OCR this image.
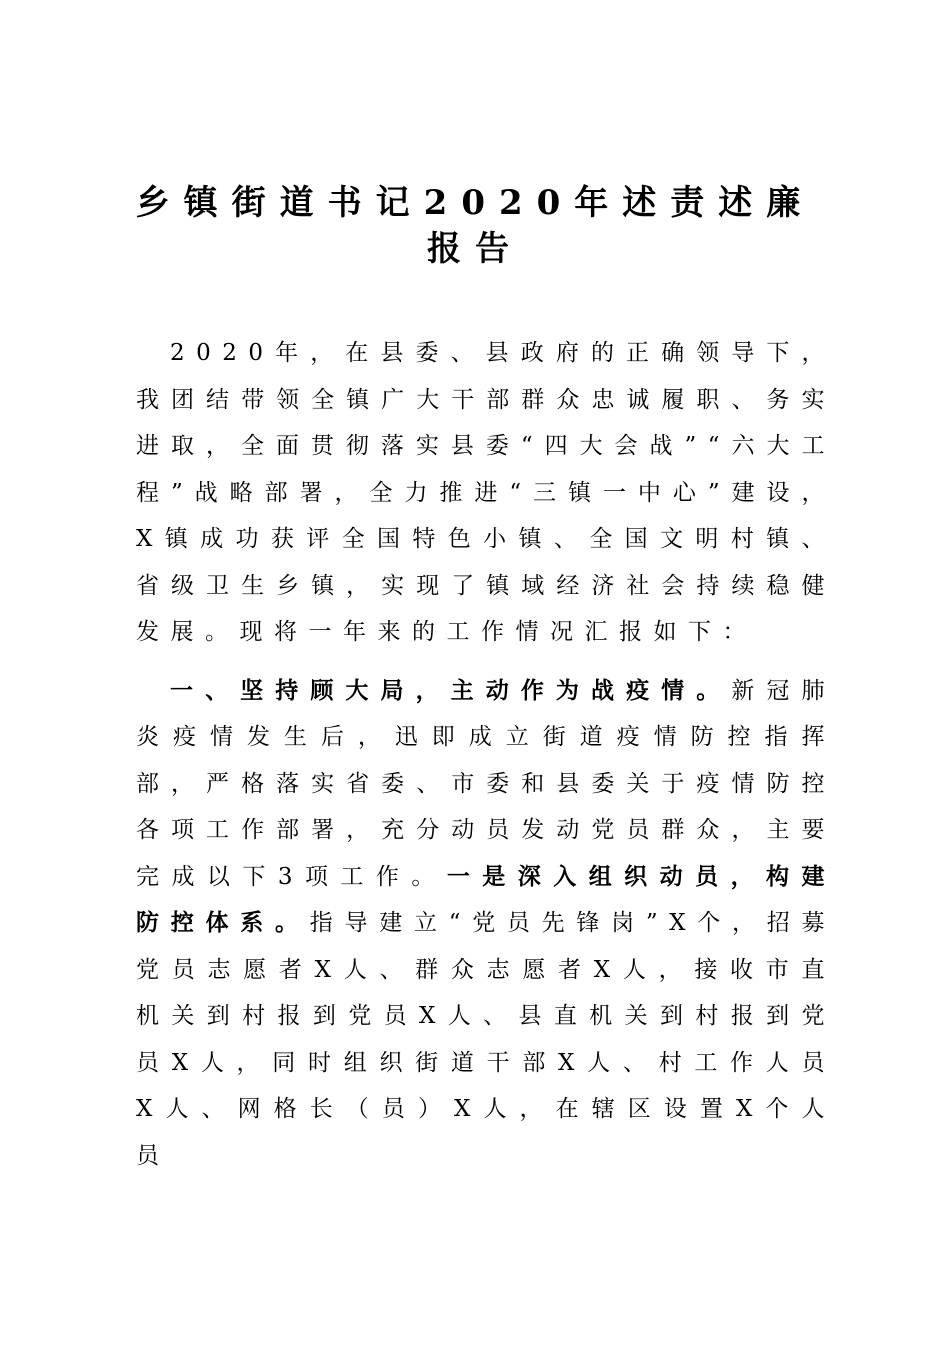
乡镇街道书记2020年述责述廉
报告

2020年，在县委、县政府的正确领导下，我团结带领全镇广大干部群众忠诚履职、务实进取，全面贯彻落实县委“四大会战”“六大工程”战略部署，全力推进“三镇一中心”建设，X镇成功获评全国特色小镇、全国文明村镇、省级卫生乡镇，实现了镇域经济社会持续稳健发展。现将一年来的工作情况汇报如下：

一、坚持顾大局，主动作为战疫情。新冠肺炎疫情发生后，迅即成立街道疫情防控指挥部，严格落实省委、市委和县委关于疫情防控各项工作部署，充分动员发动党员群众，主要完成以下3项工作。一是深入组织动员，构建防控体系。指导建立“党员先锋岗”X个，招募党员志愿者X人、群众志愿者X人，接收市直机关到村报到党员X人、县直机关到村报到党员X人，同时组织街道干部X人、村工作人员X人、网格长（员）X人，在辖区设置X个人员
